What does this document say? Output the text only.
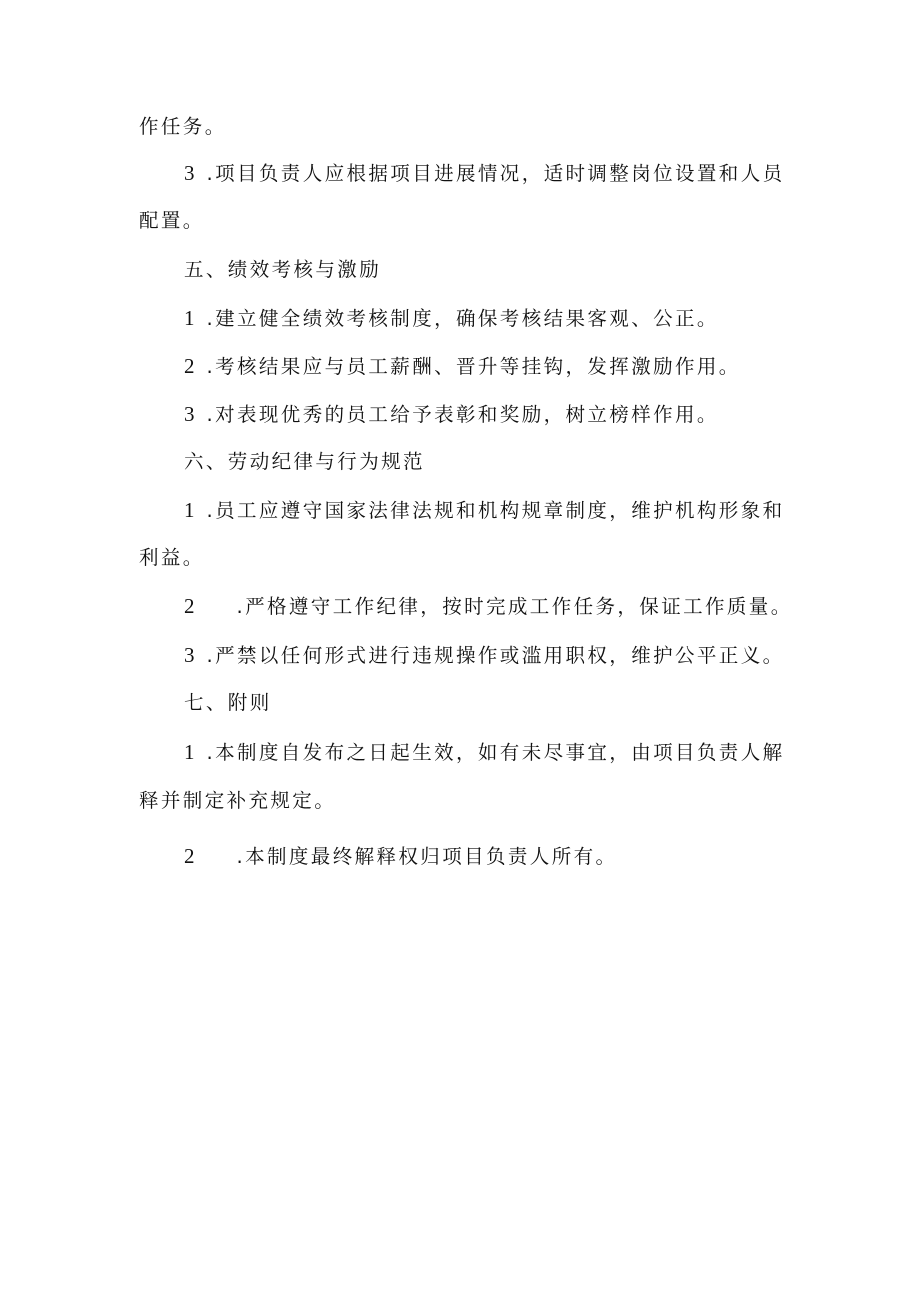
作任务。
3 .项目负责人应根据项目进展情况，适时调整岗位设置和人员
配置。
五、绩效考核与激励
1 .建立健全绩效考核制度，确保考核结果客观、公正。
2 .考核结果应与员工薪酬、晋升等挂钩，发挥激励作用。
3 .对表现优秀的员工给予表彰和奖励，树立榜样作用。
六、劳动纪律与行为规范
1 .员工应遵守国家法律法规和机构规章制度，维护机构形象和
利益。
2 .严格遵守工作纪律，按时完成工作任务，保证工作质量。
3 .严禁以任何形式进行违规操作或滥用职权，维护公平正义。
七、附则
1 .本制度自发布之日起生效，如有未尽事宜，由项目负责人解
释并制定补充规定。
2 .本制度最终解释权归项目负责人所有。
